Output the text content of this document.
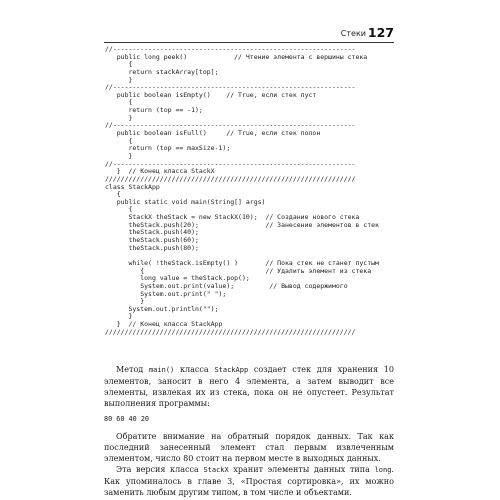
Стеки 127
//--------------------------------------------------------------
public long peek()            // Чтение элемента с вершины стека
{
return stackArray[top];
}
//--------------------------------------------------------------
public boolean isEmpty()    // True, если стек пуст
{
return (top == -1);
}
//--------------------------------------------------------------
public boolean isFull()     // True, если стек полон
{
return (top == maxSize-1);
}
//--------------------------------------------------------------
}  // Конец класса StackX
////////////////////////////////////////////////////////////////
class StackApp
{
public static void main(String[] args)
{
StackX theStack = new StackX(10);  // Создание нового стека
theStack.push(20);                 // Занесение элементов в стек
theStack.push(40);
theStack.push(60);
theStack.push(80);
while( !theStack.isEmpty() )       // Пока стек не станет пустым
{                               // Удалить элемент из стека
long value = theStack.pop();
System.out.print(value);         // Вывод содержимого
System.out.print(" ");
}
System.out.println("");
}
}  // Конец класса StackApp
////////////////////////////////////////////////////////////////

Метод main() класса StackApp создает стек для хранения 10 элементов, заносит в него 4 элемента, а затем выводит все элементы, извлекая их из стека, пока он не опустеет. Результат выполнения программы:

80 60 40 20

Обратите внимание на обратный порядок данных. Так как последний занесенный элемент стал первым извлеченным элементом, число 80 стоит на первом месте в выходных данных.

Эта версия класса StackX хранит элементы данных типа long. Как упоминалось в главе 3, «Простая сортировка», их можно заменить любым другим типом, в том числе и объектами.
